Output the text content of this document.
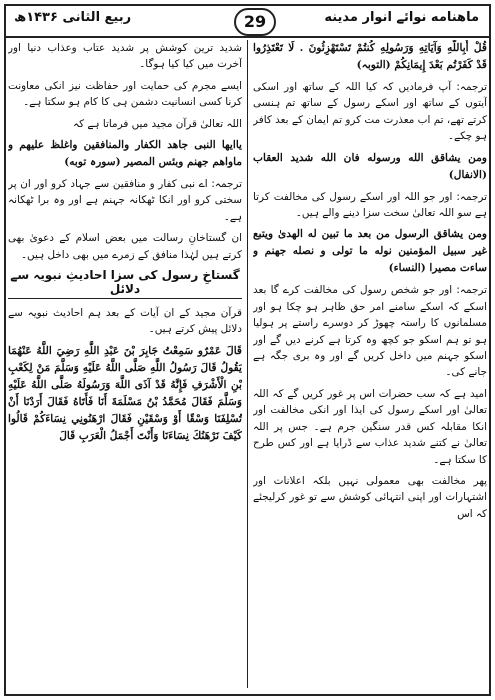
ربیع الثانی ۱۴۳۶ھ	29	ماهنامه نوائے انوار مدینه

قُلْ أَبِاللَّهِ وَآيَاتِهِ وَرَسُولِهِ كُنتُمْ تَسْتَهْزِئُونَ . لَا تَعْتَذِرُوا قَدْ كَفَرْتُم بَعْدَ إِيمَانِكُمْ (التوبہ)

ترجمہ: آپ فرمادیں کہ کیا اللہ کے ساتھ اور اسکی آیتوں کے ساتھ اور اسکے رسول کے ساتھ تم ہنسی کرتے تھے، تم اب معذرت مت کرو تم ایمان کے بعد کافر ہو چکے۔

ومن يشاقق الله ورسوله فان الله شديد العقاب (الانفال)

ترجمہ: اور جو اللہ اور اسکے رسول کی مخالفت کرتا ہے سو اللہ تعالیٰ سخت سزا دینے والے ہیں۔

ومن يشاقق الرسول من بعد ما تبين له الهدىٰ ويتبع غير سبيل المؤمنين نوله ما تولى و نصله جهنم و ساءت مصيرا (النساء)

ترجمہ: اور جو شخص رسول کی مخالفت کرے گا بعد اسکے کہ اسکے سامنے امر حق ظاہر ہو چکا ہو اور مسلمانوں کا راستہ چھوڑ کر دوسرے راستے پر ہولیا ہو تو ہم اسکو جو کچھ وہ کرتا ہے کرنے دیں گے اور اسکو جہنم میں داخل کریں گے اور وہ بری جگہ ہے جانے کی۔

امید ہے کہ سب حضرات اس پر غور کریں گے کہ اللہ تعالیٰ اور اسکے رسول کی ایذا اور انکی مخالفت اور انکا مقابلہ کس قدر سنگین جرم ہے۔ جس پر اللہ تعالیٰ نے کتنے شدید عذاب سے ڈرایا ہے اور کس طرح کا سکتا ہے۔

پھر مخالفت بھی معمولی نہیں بلکہ اعلانات اور اشتہارات اور اپنی انتہائی کوشش سے تو غور کرلیجئے کہ اس

شدید ترین کوشش پر شدید عتاب وعذاب دنیا اور آخرت میں کیا کیا ہوگا۔

ایسے مجرم کی حمایت اور حفاظت نیز انکی معاونت کرنا کسی انسانیت دشمن ہی کا کام ہو سکتا ہے۔

اللہ تعالیٰ قرآن مجید میں فرماتا ہے کہ

یاایها النبی جاهد الکفار والمنافقین واغلظ علیهم و ماواهم جهنم وبئس المصیر (سورہ توبه)

ترجمہ: اے نبی کفار و منافقین سے جہاد کرو اور ان پر سختی کرو اور انکا ٹھکانہ جہنم ہے اور وہ برا ٹھکانہ ہے۔

ان گستاخانِ رسالت میں بعض اسلام کے دعویٰ بھی کرتے ہیں لہٰذا منافق کے زمرے میں بھی داخل ہیں۔

گستاخِ رسول کی سزا احادیثِ نبویہ سے دلائل

قرآن مجید کے ان آیات کے بعد ہم احادیث نبویہ سے دلائل پیش کرتے ہیں۔

قَالَ عَمْرٌو سَمِعْتُ جَابِرَ بْنَ عَبْدِ اللَّهِ رَضِيَ اللَّهُ عَنْهُمَا يَقُولُ قَالَ رَسُولُ اللَّهِ صَلَّى اللَّهُ عَلَيْهِ وَسَلَّمَ مَنْ لِكَعْبِ بْنِ الْأَشْرَفِ فَإِنَّهُ قَدْ آذَى اللَّهَ وَرَسُولَهُ صَلَّى اللَّهُ عَلَيْهِ وَسَلَّمَ فَقَالَ مُحَمَّدُ بْنُ مَسْلَمَةَ أَنَا فَأَتَاهُ فَقَالَ أَرَدْنَا أَنْ تُسْلِفَنَا وَسْقًا أَوْ وَسْقَيْنِ فَقَالَ ارْهَنُونِي نِسَاءَكُمْ قَالُوا كَيْفَ نَرْهَنُكَ نِسَاءَنَا وَأَنْتَ أَجْمَلُ الْعَرَبِ قَالَ
